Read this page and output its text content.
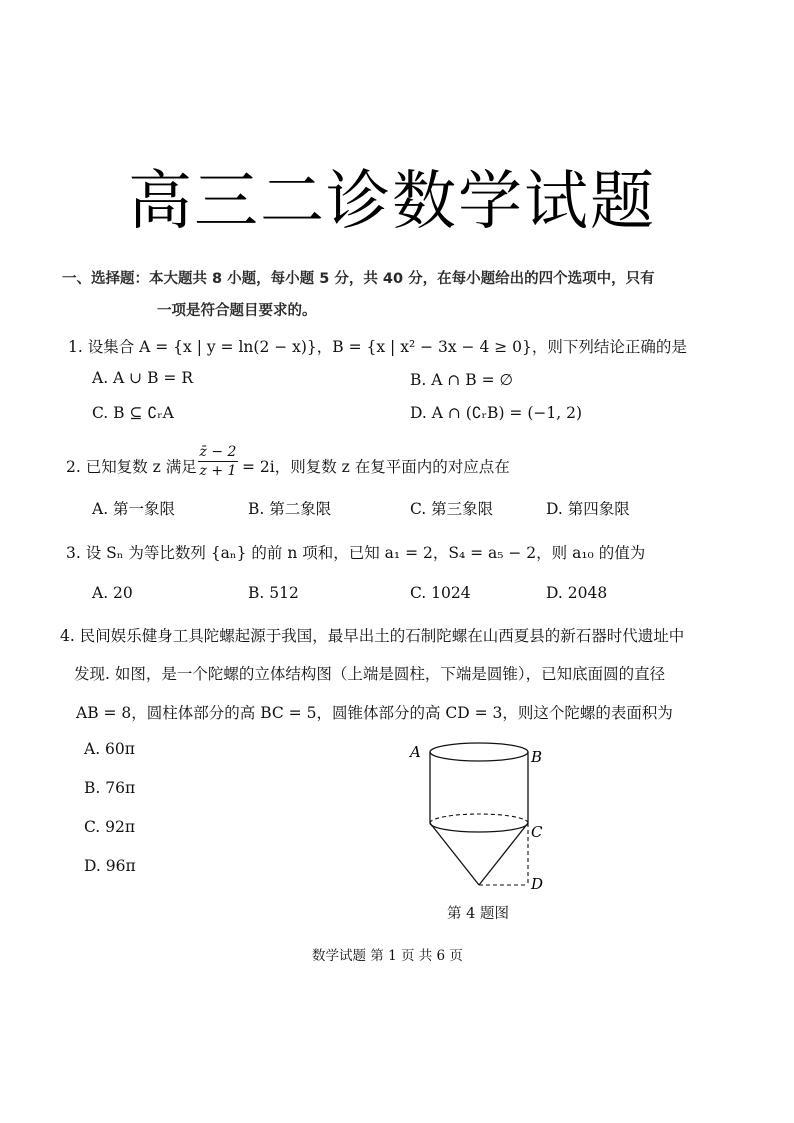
高三二诊数学试题
一、选择题：本大题共 8 小题，每小题 5 分，共 40 分，在每小题给出的四个选项中，只有
一项是符合题目要求的。
1. 设集合 A = {x | y = ln(2 − x)}，B = {x | x² − 3x − 4 ≥ 0}，则下列结论正确的是
A. A ∪ B = R	B. A ∩ B = ∅
C. B ⊆ ∁ᵣA	D. A ∩ (∁ᵣB) = (−1, 2)
2. 已知复数 z 满足
z̄ − 2
z + 1 = 2i，则复数 z 在复平面内的对应点在
A. 第一象限	B. 第二象限	C. 第三象限	D. 第四象限
3. 设 Sₙ 为等比数列 {aₙ} 的前 n 项和，已知 a₁ = 2，S₄ = a₅ − 2，则 a₁₀ 的值为
A. 20	B. 512	C. 1024	D. 2048
4. 民间娱乐健身工具陀螺起源于我国，最早出土的石制陀螺在山西夏县的新石器时代遗址中
发现. 如图，是一个陀螺的立体结构图（上端是圆柱，下端是圆锥），已知底面圆的直径
AB = 8，圆柱体部分的高 BC = 5，圆锥体部分的高 CD = 3，则这个陀螺的表面积为
A. 60π
B. 76π
C. 92π
D. 96π
A	B
C
D
第 4 题图
数学试题 第 1 页 共 6 页
